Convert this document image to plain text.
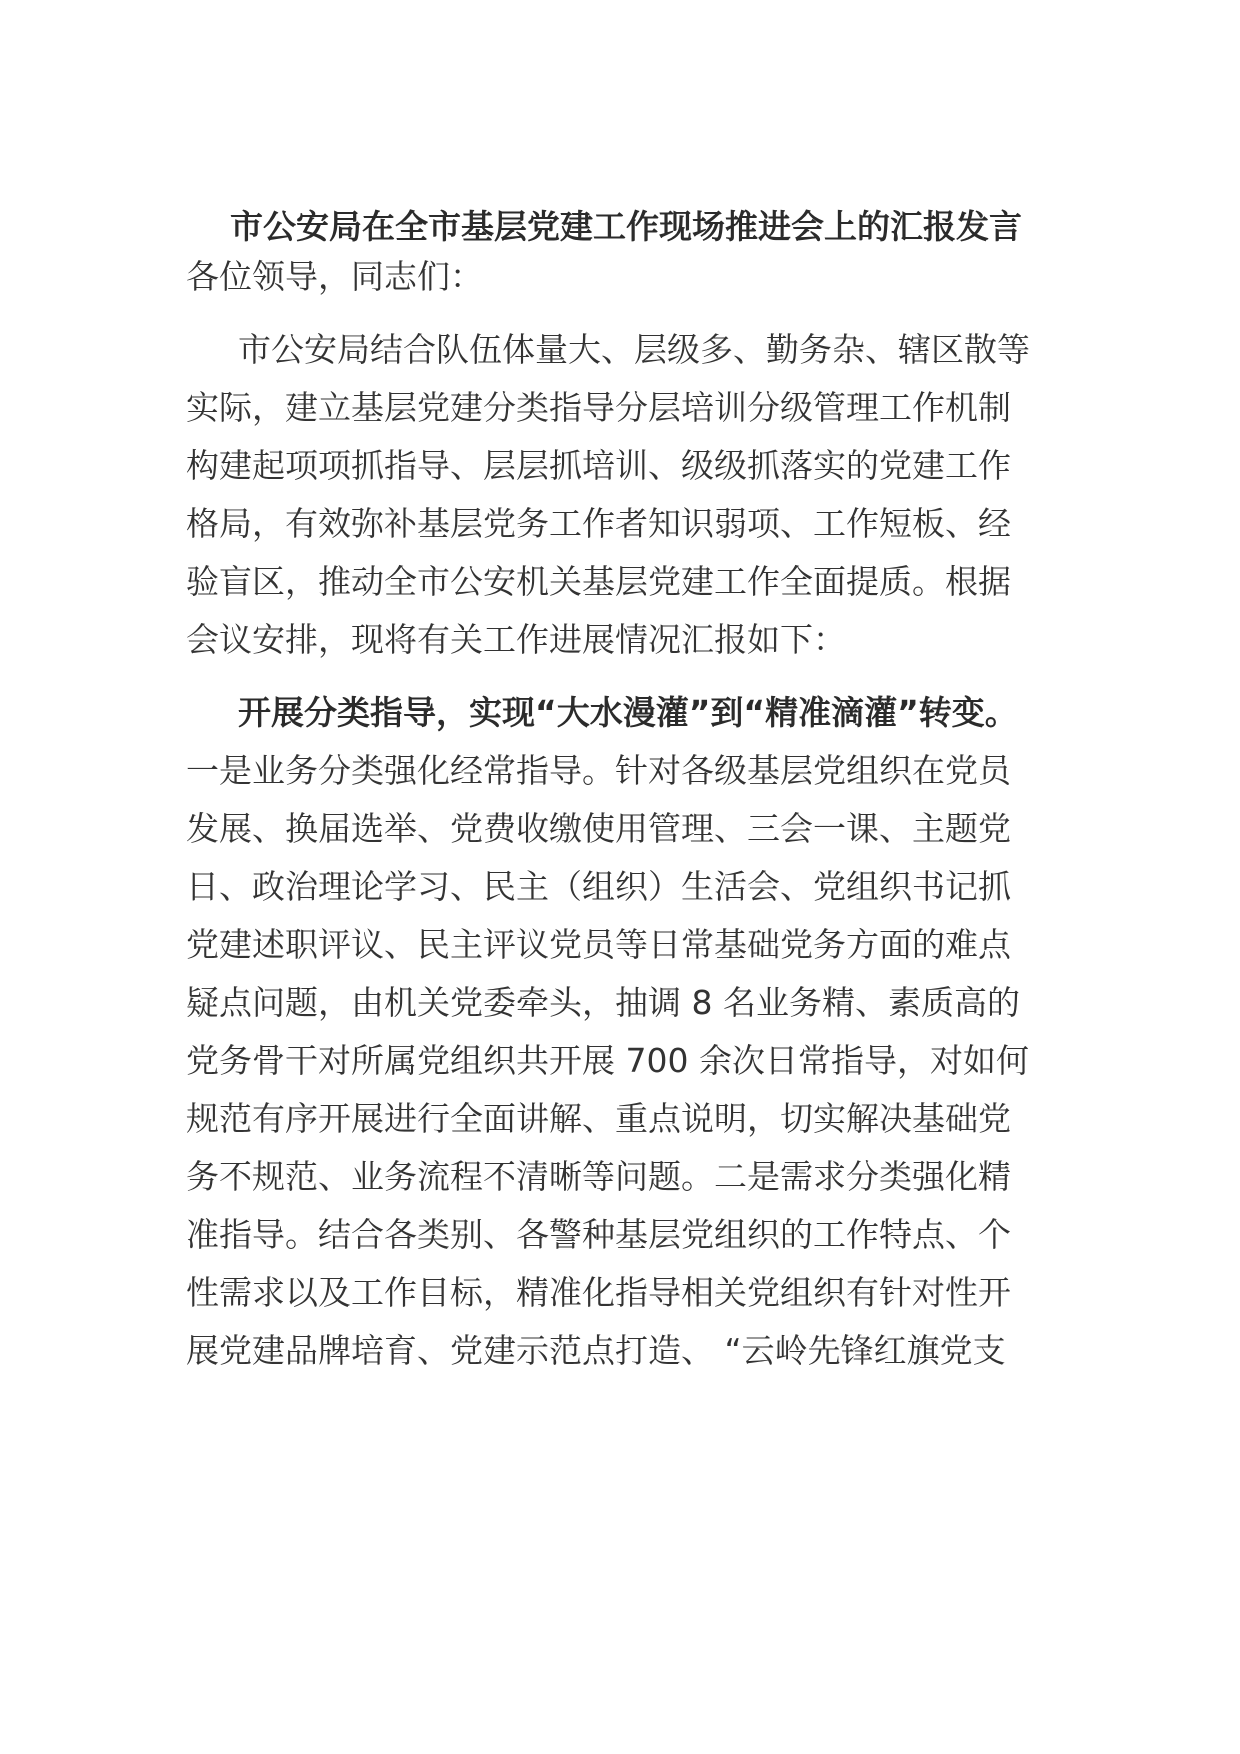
市公安局在全市基层党建工作现场推进会上的汇报发言
各位领导，同志们：
市公安局结合队伍体量大、层级多、勤务杂、辖区散等
实际，建立基层党建分类指导分层培训分级管理工作机制
构建起项项抓指导、层层抓培训、级级抓落实的党建工作
格局，有效弥补基层党务工作者知识弱项、工作短板、经
验盲区，推动全市公安机关基层党建工作全面提质。根据
会议安排，现将有关工作进展情况汇报如下：
开展分类指导，实现“大水漫灌”到“精准滴灌”转变。
一是业务分类强化经常指导。针对各级基层党组织在党员
发展、换届选举、党费收缴使用管理、三会一课、主题党
日、政治理论学习、民主（组织）生活会、党组织书记抓
党建述职评议、民主评议党员等日常基础党务方面的难点
疑点问题，由机关党委牵头，抽调 8 名业务精、素质高的
党务骨干对所属党组织共开展 700 余次日常指导，对如何
规范有序开展进行全面讲解、重点说明，切实解决基础党
务不规范、业务流程不清晰等问题。二是需求分类强化精
准指导。结合各类别、各警种基层党组织的工作特点、个
性需求以及工作目标，精准化指导相关党组织有针对性开
展党建品牌培育、党建示范点打造、 “云岭先锋红旗党支
